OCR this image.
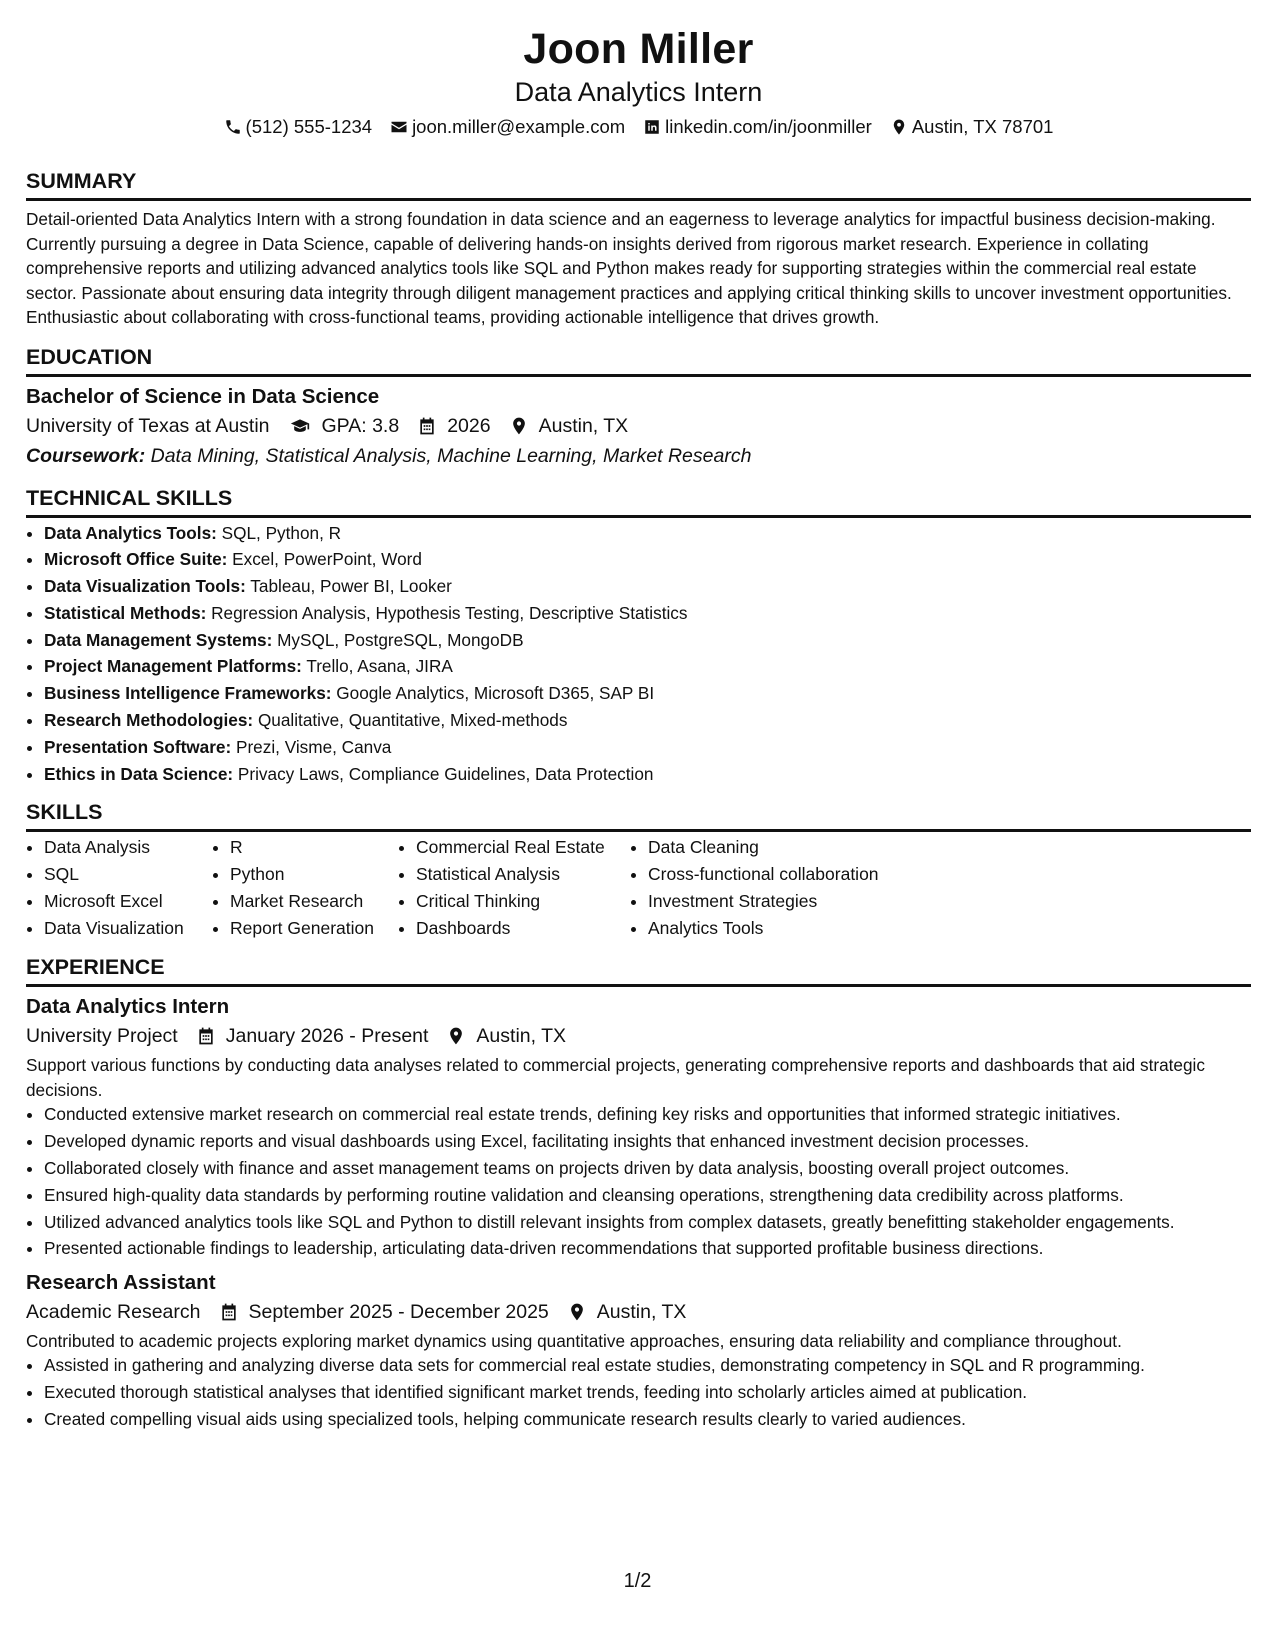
Joon Miller
Data Analytics Intern
(512) 555-1234 joon.miller@example.com linkedin.com/in/joonmiller Austin, TX 78701
SUMMARY

Detail-oriented Data Analytics Intern with a strong foundation in data science and an eagerness to leverage analytics for impactful business decision-making. Currently pursuing a degree in Data Science, capable of delivering hands-on insights derived from rigorous market research. Experience in collating comprehensive reports and utilizing advanced analytics tools like SQL and Python makes ready for supporting strategies within the commercial real estate sector. Passionate about ensuring data integrity through diligent management practices and applying critical thinking skills to uncover investment opportunities. Enthusiastic about collaborating with cross-functional teams, providing actionable intelligence that drives growth.

EDUCATION
Bachelor of Science in Data Science
University of Texas at Austin	GPA: 3.8 2026 Austin, TX
Coursework: Data Mining, Statistical Analysis, Machine Learning, Market Research
TECHNICAL SKILLS
• Data Analytics Tools: SQL, Python, R
• Microsoft Office Suite: Excel, PowerPoint, Word
• Data Visualization Tools: Tableau, Power BI, Looker
• Statistical Methods: Regression Analysis, Hypothesis Testing, Descriptive Statistics
• Data Management Systems: MySQL, PostgreSQL, MongoDB
• Project Management Platforms: Trello, Asana, JIRA
• Business Intelligence Frameworks: Google Analytics, Microsoft D365, SAP BI
• Research Methodologies: Qualitative, Quantitative, Mixed-methods
• Presentation Software: Prezi, Visme, Canva
• Ethics in Data Science: Privacy Laws, Compliance Guidelines, Data Protection
SKILLS
• Data Analysis
• SQL
• Microsoft Excel
• Data Visualization
• R
• Python
• Market Research
• Report Generation
• Commercial Real Estate
• Statistical Analysis
• Critical Thinking
• Dashboards
• Data Cleaning
• Cross-functional collaboration
• Investment Strategies
• Analytics Tools
EXPERIENCE
Data Analytics Intern
University Project January 2026 - Present Austin, TX

Support various functions by conducting data analyses related to commercial projects, generating comprehensive reports and dashboards that aid strategic decisions.

• Conducted extensive market research on commercial real estate trends, defining key risks and opportunities that informed strategic initiatives.
• Developed dynamic reports and visual dashboards using Excel, facilitating insights that enhanced investment decision processes.
• Collaborated closely with finance and asset management teams on projects driven by data analysis, boosting overall project outcomes.
• Ensured high-quality data standards by performing routine validation and cleansing operations, strengthening data credibility across platforms.
• Utilized advanced analytics tools like SQL and Python to distill relevant insights from complex datasets, greatly benefitting stakeholder engagements.
• Presented actionable findings to leadership, articulating data-driven recommendations that supported profitable business directions.
Research Assistant
Academic Research September 2025 - December 2025 Austin, TX

Contributed to academic projects exploring market dynamics using quantitative approaches, ensuring data reliability and compliance throughout.

• Assisted in gathering and analyzing diverse data sets for commercial real estate studies, demonstrating competency in SQL and R programming.
• Executed thorough statistical analyses that identified significant market trends, feeding into scholarly articles aimed at publication.
• Created compelling visual aids using specialized tools, helping communicate research results clearly to varied audiences.
1/2
